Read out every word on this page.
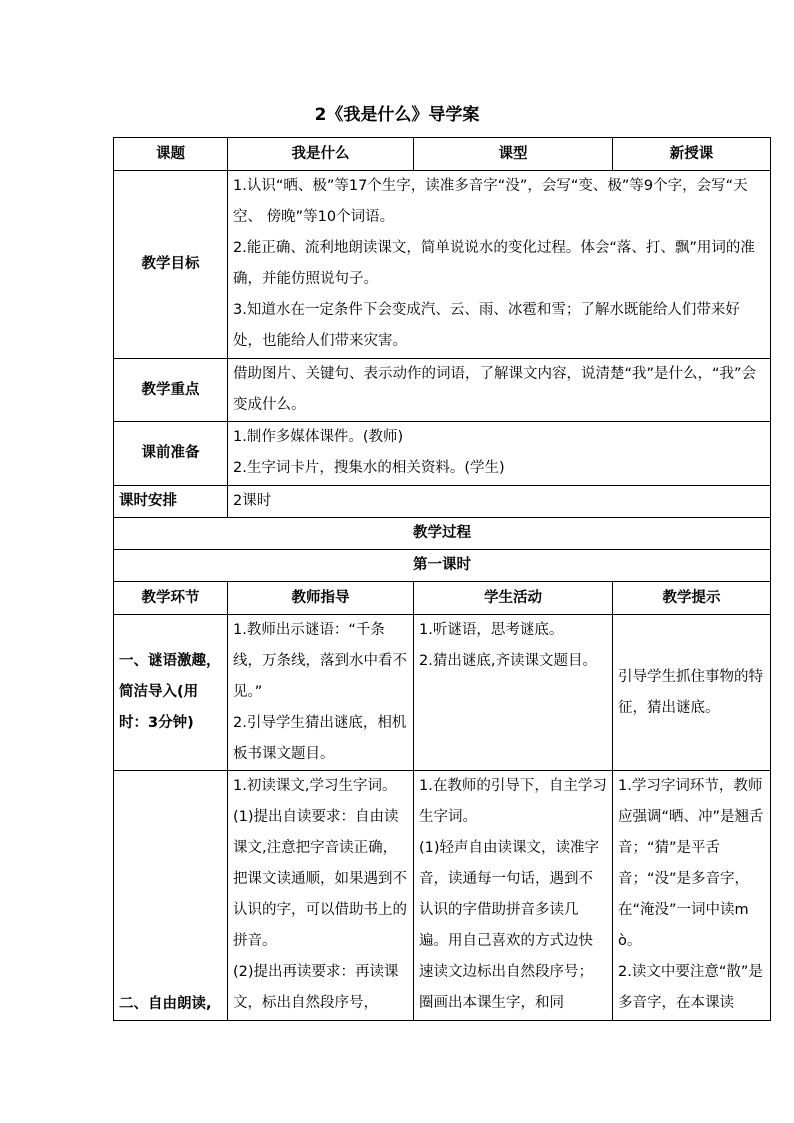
2《我是什么》导学案
课题	我是什么	课型	新授课
教学目标	1.认识“晒、极”等17个生字，读准多音字“没”，会写“变、极”等9个字，会写“天空、 傍晚”等10个词语。
2.能正确、流利地朗读课文，简单说说水的变化过程。体会“落、打、飘”用词的准确，并能仿照说句子。
3.知道水在一定条件下会变成汽、云、雨、冰雹和雪；了解水既能给人们带来好处，也能给人们带来灾害。		

教学重点	借助图片、关键句、表示动作的词语，了解课文内容，说清楚“我”是什么，“我”会变成什么。		
课前准备	1.制作多媒体课件。(教师)
2.生字词卡片，搜集水的相关资料。(学生)		

课时安排	2课时		
教学过程			
第一课时			
教学环节	教师指导	学生活动	教学提示
一、谜语激趣，简洁导入(用时：3分钟)	1.教师出示谜语：“千条线，万条线，落到水中看不见。”
2.引导学生猜出谜底，相机板书课文题目。	1.听谜语，思考谜底。
2.猜出谜底,齐读课文题目。	引导学生抓住事物的特征，猜出谜底。

二、自由朗读,	1.初读课文,学习生字词。
(1)提出自读要求：自由读课文,注意把字音读正确，把课文读通顺，如果遇到不认识的字，可以借助书上的拼音。
(2)提出再读要求：再读课文，标出自然段序号，	1.在教师的引导下，自主学习生字词。
(1)轻声自由读课文，读准字音，读通每一句话，遇到不认识的字借助拼音多读几遍。用自己喜欢的方式边快速读文边标出自然段序号；圈画出本课生字，和同	1.学习字词环节，教师应强调“晒、冲”是翘舌音；“猜”是平舌音；“没”是多音字，在“淹没”一词中读mò。
2.读文中要注意“散”是多音字，在本课读
